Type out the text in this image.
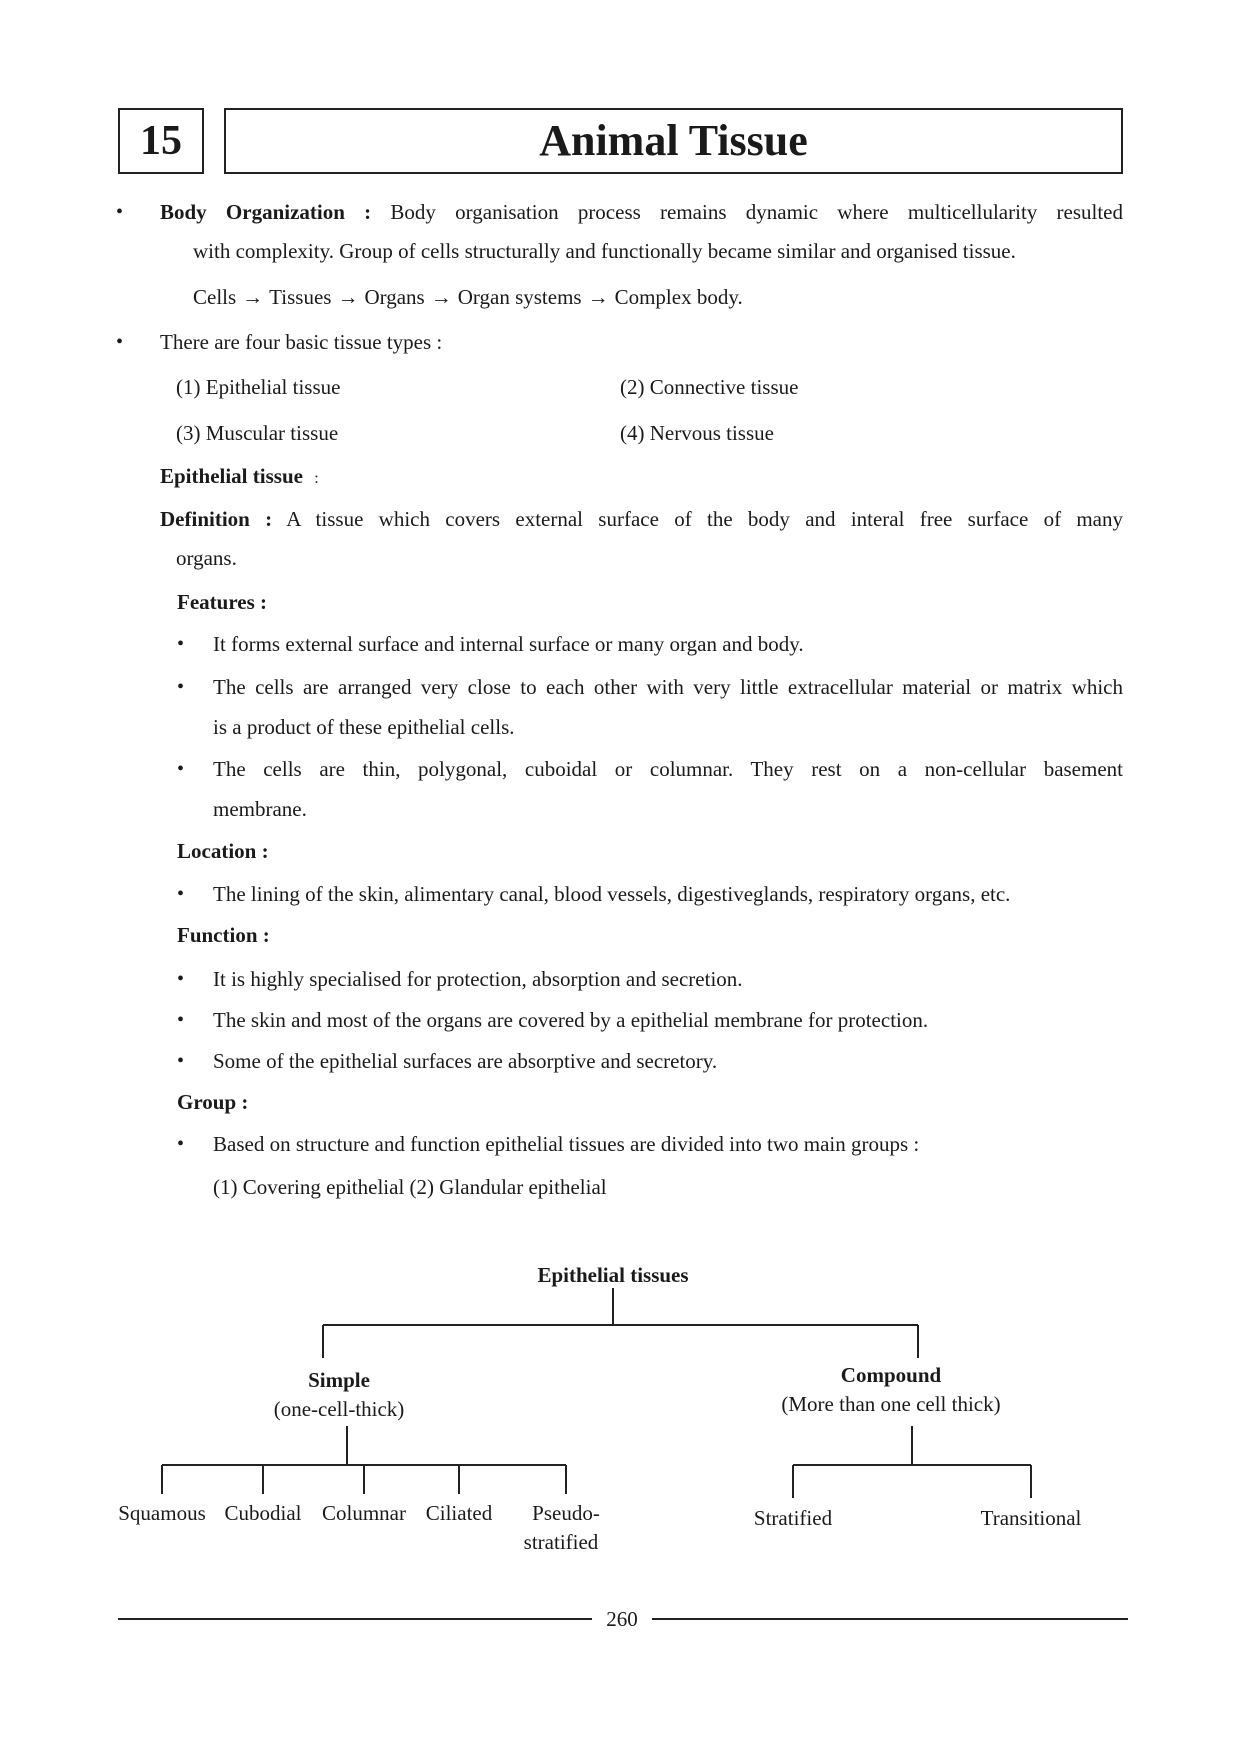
15	Animal Tissue
• Body Organization : Body organisation process remains dynamic where multicellularity resulted
with complexity. Group of cells structurally and functionally became similar and organised tissue.
Cells → Tissues → Organs → Organ systems → Complex body.
• There are four basic tissue types :
(1) Epithelial tissue	(2) Connective tissue
(3) Muscular tissue	(4) Nervous tissue
Epithelial tissue :
Definition : A tissue which covers external surface of the body and interal free surface of many
organs.
Features :
• It forms external surface and internal surface or many organ and body.
• The cells are arranged very close to each other with very little extracellular material or matrix which
is a product of these epithelial cells.
• The cells are thin, polygonal, cuboidal or columnar. They rest on a non-cellular basement
membrane.
Location :
• The lining of the skin, alimentary canal, blood vessels, digestiveglands, respiratory organs, etc.
Function :
• It is highly specialised for protection, absorption and secretion.
• The skin and most of the organs are covered by a epithelial membrane for protection.
• Some of the epithelial surfaces are absorptive and secretory.
Group :
• Based on structure and function epithelial tissues are divided into two main groups :
(1) Covering epithelial (2) Glandular epithelial
Epithelial tissues
Simple
(one-cell-thick)
Compound
(More than one cell thick)
Squamous Cubodial Columnar Ciliated	Pseudo-
stratified
Stratified	Transitional
260
